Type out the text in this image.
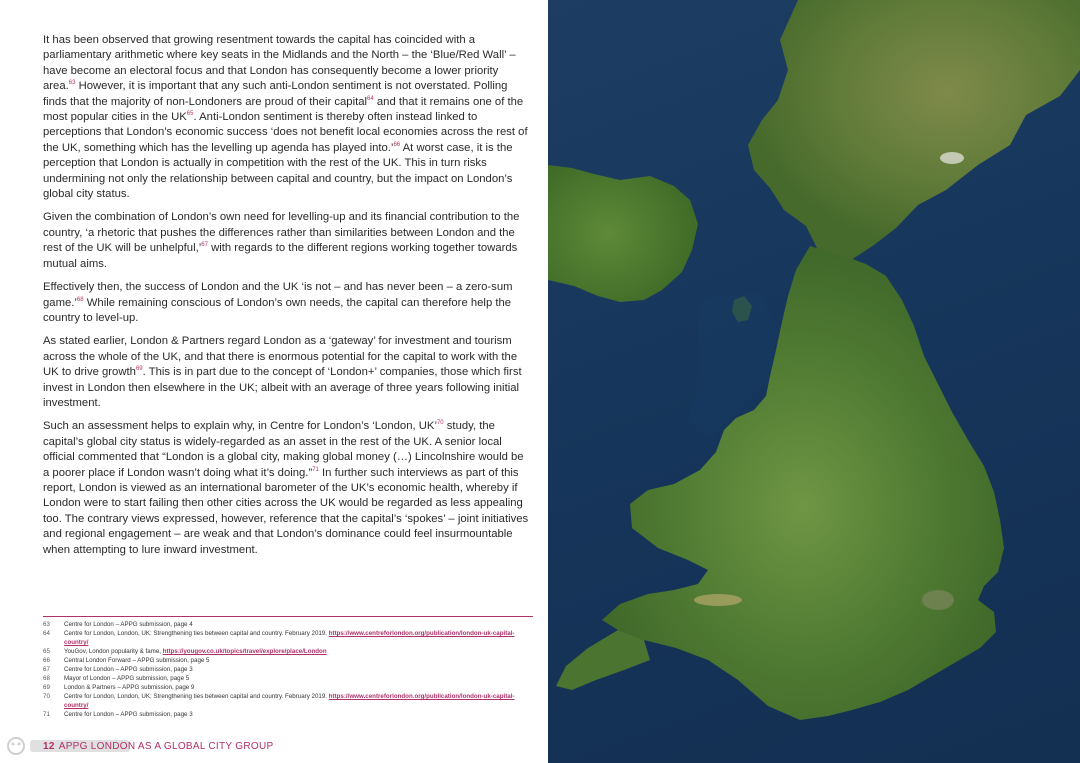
It has been observed that growing resentment towards the capital has coincided with a parliamentary arithmetic where key seats in the Midlands and the North – the ‘Blue/Red Wall’ – have become an electoral focus and that London has consequently become a lower priority area.$^{63}$ However, it is important that any such anti-London sentiment is not overstated. Polling finds that the majority of non-Londoners are proud of their capital$^{64}$ and that it remains one of the most popular cities in the UK$^{65}$. Anti-London sentiment is thereby often instead linked to perceptions that London’s economic success ‘does not benefit local economies across the rest of the UK, something which has the levelling up agenda has played into.’$^{66}$ At worst case, it is the perception that London is actually in competition with the rest of the UK. This in turn risks undermining not only the relationship between capital and country, but the impact on London’s global city status.

Given the combination of London’s own need for levelling-up and its financial contribution to the country, ‘a rhetoric that pushes the differences rather than similarities between London and the rest of the UK will be unhelpful,’$^{67}$ with regards to the different regions working together towards mutual aims.

Effectively then, the success of London and the UK ‘is not – and has never been – a zero-sum game.’$^{68}$ While remaining conscious of London’s own needs, the capital can therefore help the country to level-up.

As stated earlier, London & Partners regard London as a ‘gateway’ for investment and tourism across the whole of the UK, and that there is enormous potential for the capital to work with the UK to drive growth$^{69}$. This is in part due to the concept of ‘London+’ companies, those which first invest in London then elsewhere in the UK; albeit with an average of three years following initial investment.

Such an assessment helps to explain why, in Centre for London’s ‘London, UK’$^{70}$ study, the capital’s global city status is widely-regarded as an asset in the rest of the UK. A senior local official commented that “London is a global city, making global money (…) Lincolnshire would be a poorer place if London wasn’t doing what it’s doing.”$^{71}$ In further such interviews as part of this report, London is viewed as an international barometer of the UK’s economic health, whereby if London were to start failing then other cities across the UK would be regarded as less appealing too. The contrary views expressed, however, reference that the capital’s ‘spokes’ – joint initiatives and regional engagement – are weak and that London’s dominance could feel insurmountable when attempting to lure inward investment.

63	Centre for London – APPG submission, page 4
64	Centre for London, London, UK: Strengthening ties between capital and country. February 2019. https://www.centreforlondon.org/publication/london-uk-capital-country/
65	YouGov, London popularity & fame, https://yougov.co.uk/topics/travel/explore/place/London
66	Central London Forward – APPG submission, page 5
67	Centre for London – APPG submission, page 3
68	Mayor of London – APPG submission, page 5
69	London & Partners – APPG submission, page 9
70	Centre for London, London, UK: Strengthening ties between capital and country. February 2019. https://www.centreforlondon.org/publication/london-uk-capital-country/
71	Centre for London – APPG submission, page 3
12 APPG LONDON AS A GLOBAL CITY GROUP
